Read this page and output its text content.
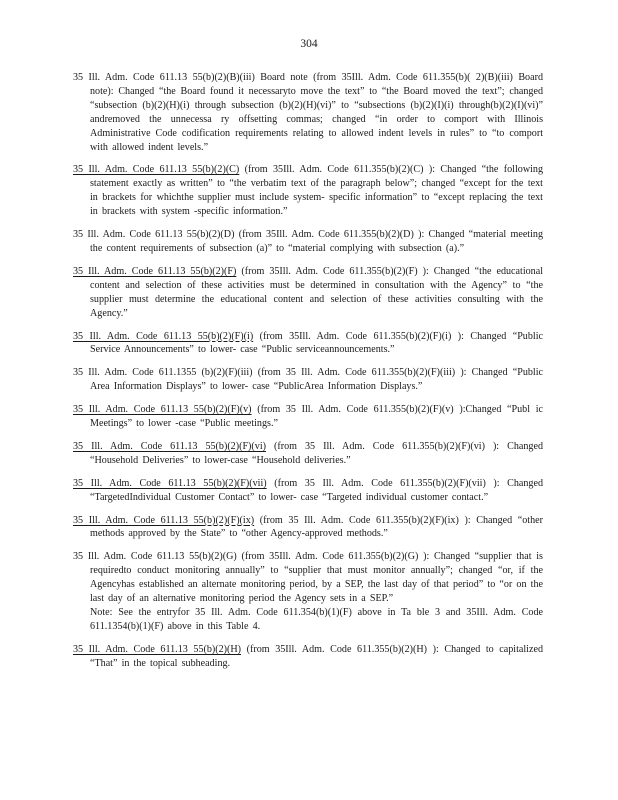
304

35 Ill. Adm. Code 611.13 55(b)(2)(B)(iii) Board note (from 35Ill. Adm. Code 611.355(b)( 2)(B)(iii) Board note): Changed “the Board found it necessaryto move the text” to “the Board moved the text”; changed “subsection (b)(2)(H)(i) through subsection (b)(2)(H)(vi)” to “subsections (b)(2)(I)(i) through(b)(2)(I)(vi)” andremoved the unnecessa ry offsetting commas; changed “in order to comport with Illinois Administrative Code codification requirements relating to allowed indent levels in rules” to “to comport with allowed indent levels.”

35 Ill. Adm. Code 611.13 55(b)(2)(C) (from 35Ill. Adm. Code 611.355(b)(2)(C) ): Changed “the following statement exactly as written” to “the verbatim text of the paragraph below”; changed “except for the text in brackets for whichthe supplier must include system- specific information” to “except replacing the text in brackets with system -specific information.”

35 Ill. Adm. Code 611.13 55(b)(2)(D) (from 35Ill. Adm. Code 611.355(b)(2)(D) ): Changed “material meeting the content requirements of subsection (a)” to “material complying with subsection (a).”

35 Ill. Adm. Code 611.13 55(b)(2)(F) (from 35Ill. Adm. Code 611.355(b)(2)(F) ): Changed “the educational content and selection of these activities must be determined in consultation with the Agency” to “the supplier must determine the educational content and selection of these activities consulting with the Agency.”

35 Ill. Adm. Code 611.13 55(b)(2)(F)(i) (from 35Ill. Adm. Code 611.355(b)(2)(F)(i) ): Changed “Public Service Announcements” to lower- case “Public serviceannouncements.”

35 Ill. Adm. Code 611.1355 (b)(2)(F)(iii) (from 35 Ill. Adm. Code 611.355(b)(2)(F)(iii) ): Changed “Public Area Information Displays” to lower- case “PublicArea Information Displays.”

35 Ill. Adm. Code 611.13 55(b)(2)(F)(v) (from 35 Ill. Adm. Code 611.355(b)(2)(F)(v) ):Changed “Publ ic Meetings” to lower -case “Public meetings.”

35 Ill. Adm. Code 611.13 55(b)(2)(F)(vi) (from 35 Ill. Adm. Code 611.355(b)(2)(F)(vi) ): Changed “Household Deliveries” to lower-case “Household deliveries.”

35 Ill. Adm. Code 611.13 55(b)(2)(F)(vii) (from 35 Ill. Adm. Code 611.355(b)(2)(F)(vii) ): Changed “TargetedIndividual Customer Contact” to lower- case “Targeted individual customer contact.”

35 Ill. Adm. Code 611.13 55(b)(2)(F)(ix) (from 35 Ill. Adm. Code 611.355(b)(2)(F)(ix) ): Changed “other methods approved by the State” to “other Agency-approved methods.”

35 Ill. Adm. Code 611.13 55(b)(2)(G) (from 35Ill. Adm. Code 611.355(b)(2)(G) ): Changed “supplier that is requiredto conduct monitoring annually” to “supplier that must monitor annually”; changed “or, if the Agencyhas established an alternate monitoring period, by a SEP, the last day of that period” to “or on the last day of an alternative monitoring period the Agency sets in a SEP.”
Note: See the entryfor 35 Ill. Adm. Code 611.354(b)(1)(F) above in Ta ble 3 and 35Ill. Adm. Code 611.1354(b)(1)(F) above in this Table 4.

35 Ill. Adm. Code 611.13 55(b)(2)(H) (from 35Ill. Adm. Code 611.355(b)(2)(H) ): Changed to capitalized “That” in the topical subheading.
